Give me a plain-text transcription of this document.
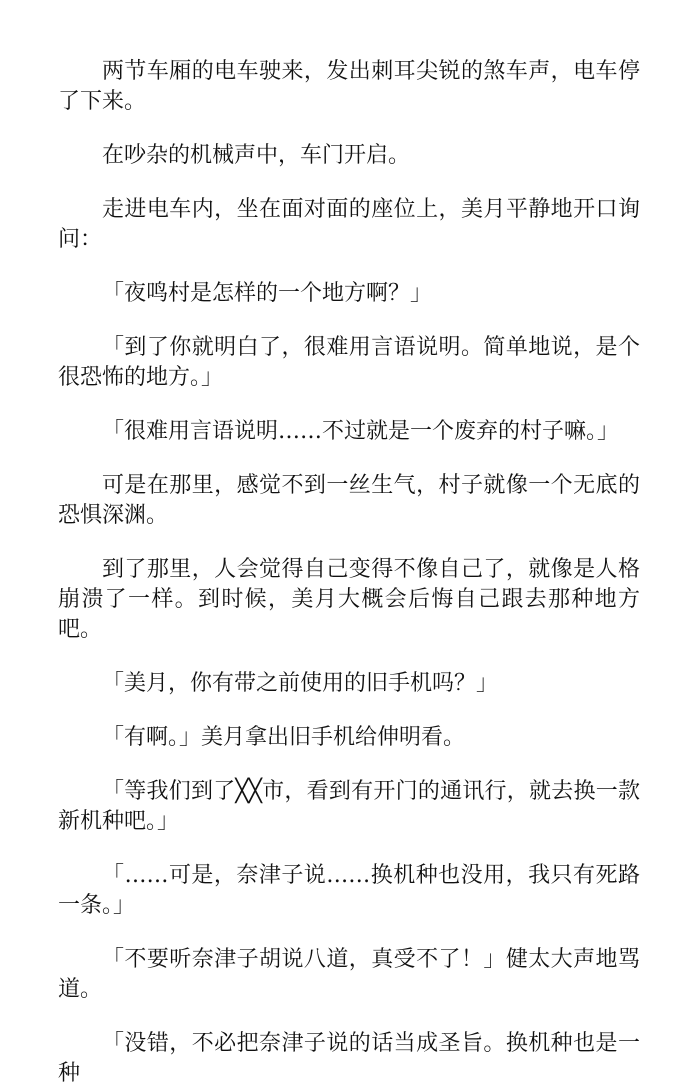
两节车厢的电车驶来，发出刺耳尖锐的煞车声，电车停了下来。

在吵杂的机械声中，车门开启。

走进电车内，坐在面对面的座位上，美月平静地开口询问：

「夜鸣村是怎样的一个地方啊？」

「到了你就明白了，很难用言语说明。简单地说，是个很恐怖的地方。」

「很难用言语说明……不过就是一个废弃的村子嘛。」

可是在那里，感觉不到一丝生气，村子就像一个无底的恐惧深渊。

到了那里，人会觉得自己变得不像自己了，就像是人格崩溃了一样。到时候，美月大概会后悔自己跟去那种地方吧。

「美月，你有带之前使用的旧手机吗？」

「有啊。」美月拿出旧手机给伸明看。

「等我们到了╳╳市，看到有开门的通讯行，就去换一款新机种吧。」

「……可是，奈津子说……换机种也没用，我只有死路一条。」

「不要听奈津子胡说八道，真受不了！」健太大声地骂道。

「没错，不必把奈津子说的话当成圣旨。换机种也是一种
